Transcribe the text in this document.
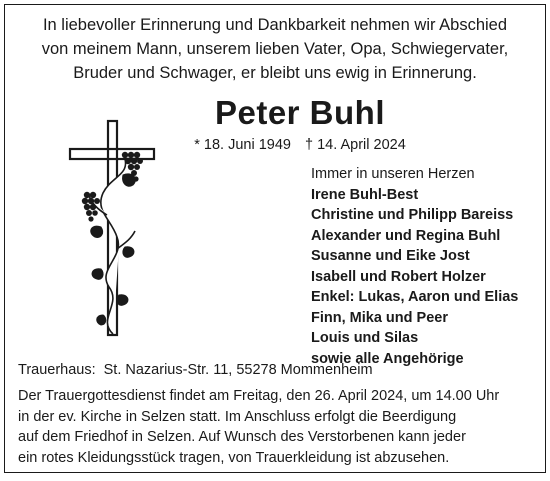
In liebevoller Erinnerung und Dankbarkeit nehmen wir Abschied
von meinem Mann, unserem lieben Vater, Opa, Schwiegervater,
Bruder und Schwager, er bleibt uns ewig in Erinnerung.

Peter Buhl
* 18. Juni 1949 † 14. April 2024
Immer in unseren Herzen
Irene Buhl-Best
Christine und Philipp Bareiss
Alexander und Regina Buhl
Susanne und Eike Jost
Isabell und Robert Holzer
Enkel: Lukas, Aaron und Elias
Finn, Mika und Peer
Louis und Silas
sowie alle Angehörige
Trauerhaus: St. Nazarius-Str. 11, 55278 Mommenheim

Der Trauergottesdienst findet am Freitag, den 26. April 2024, um 14.00 Uhr
in der ev. Kirche in Selzen statt. Im Anschluss erfolgt die Beerdigung
auf dem Friedhof in Selzen. Auf Wunsch des Verstorbenen kann jeder
ein rotes Kleidungsstück tragen, von Trauerkleidung ist abzusehen.
